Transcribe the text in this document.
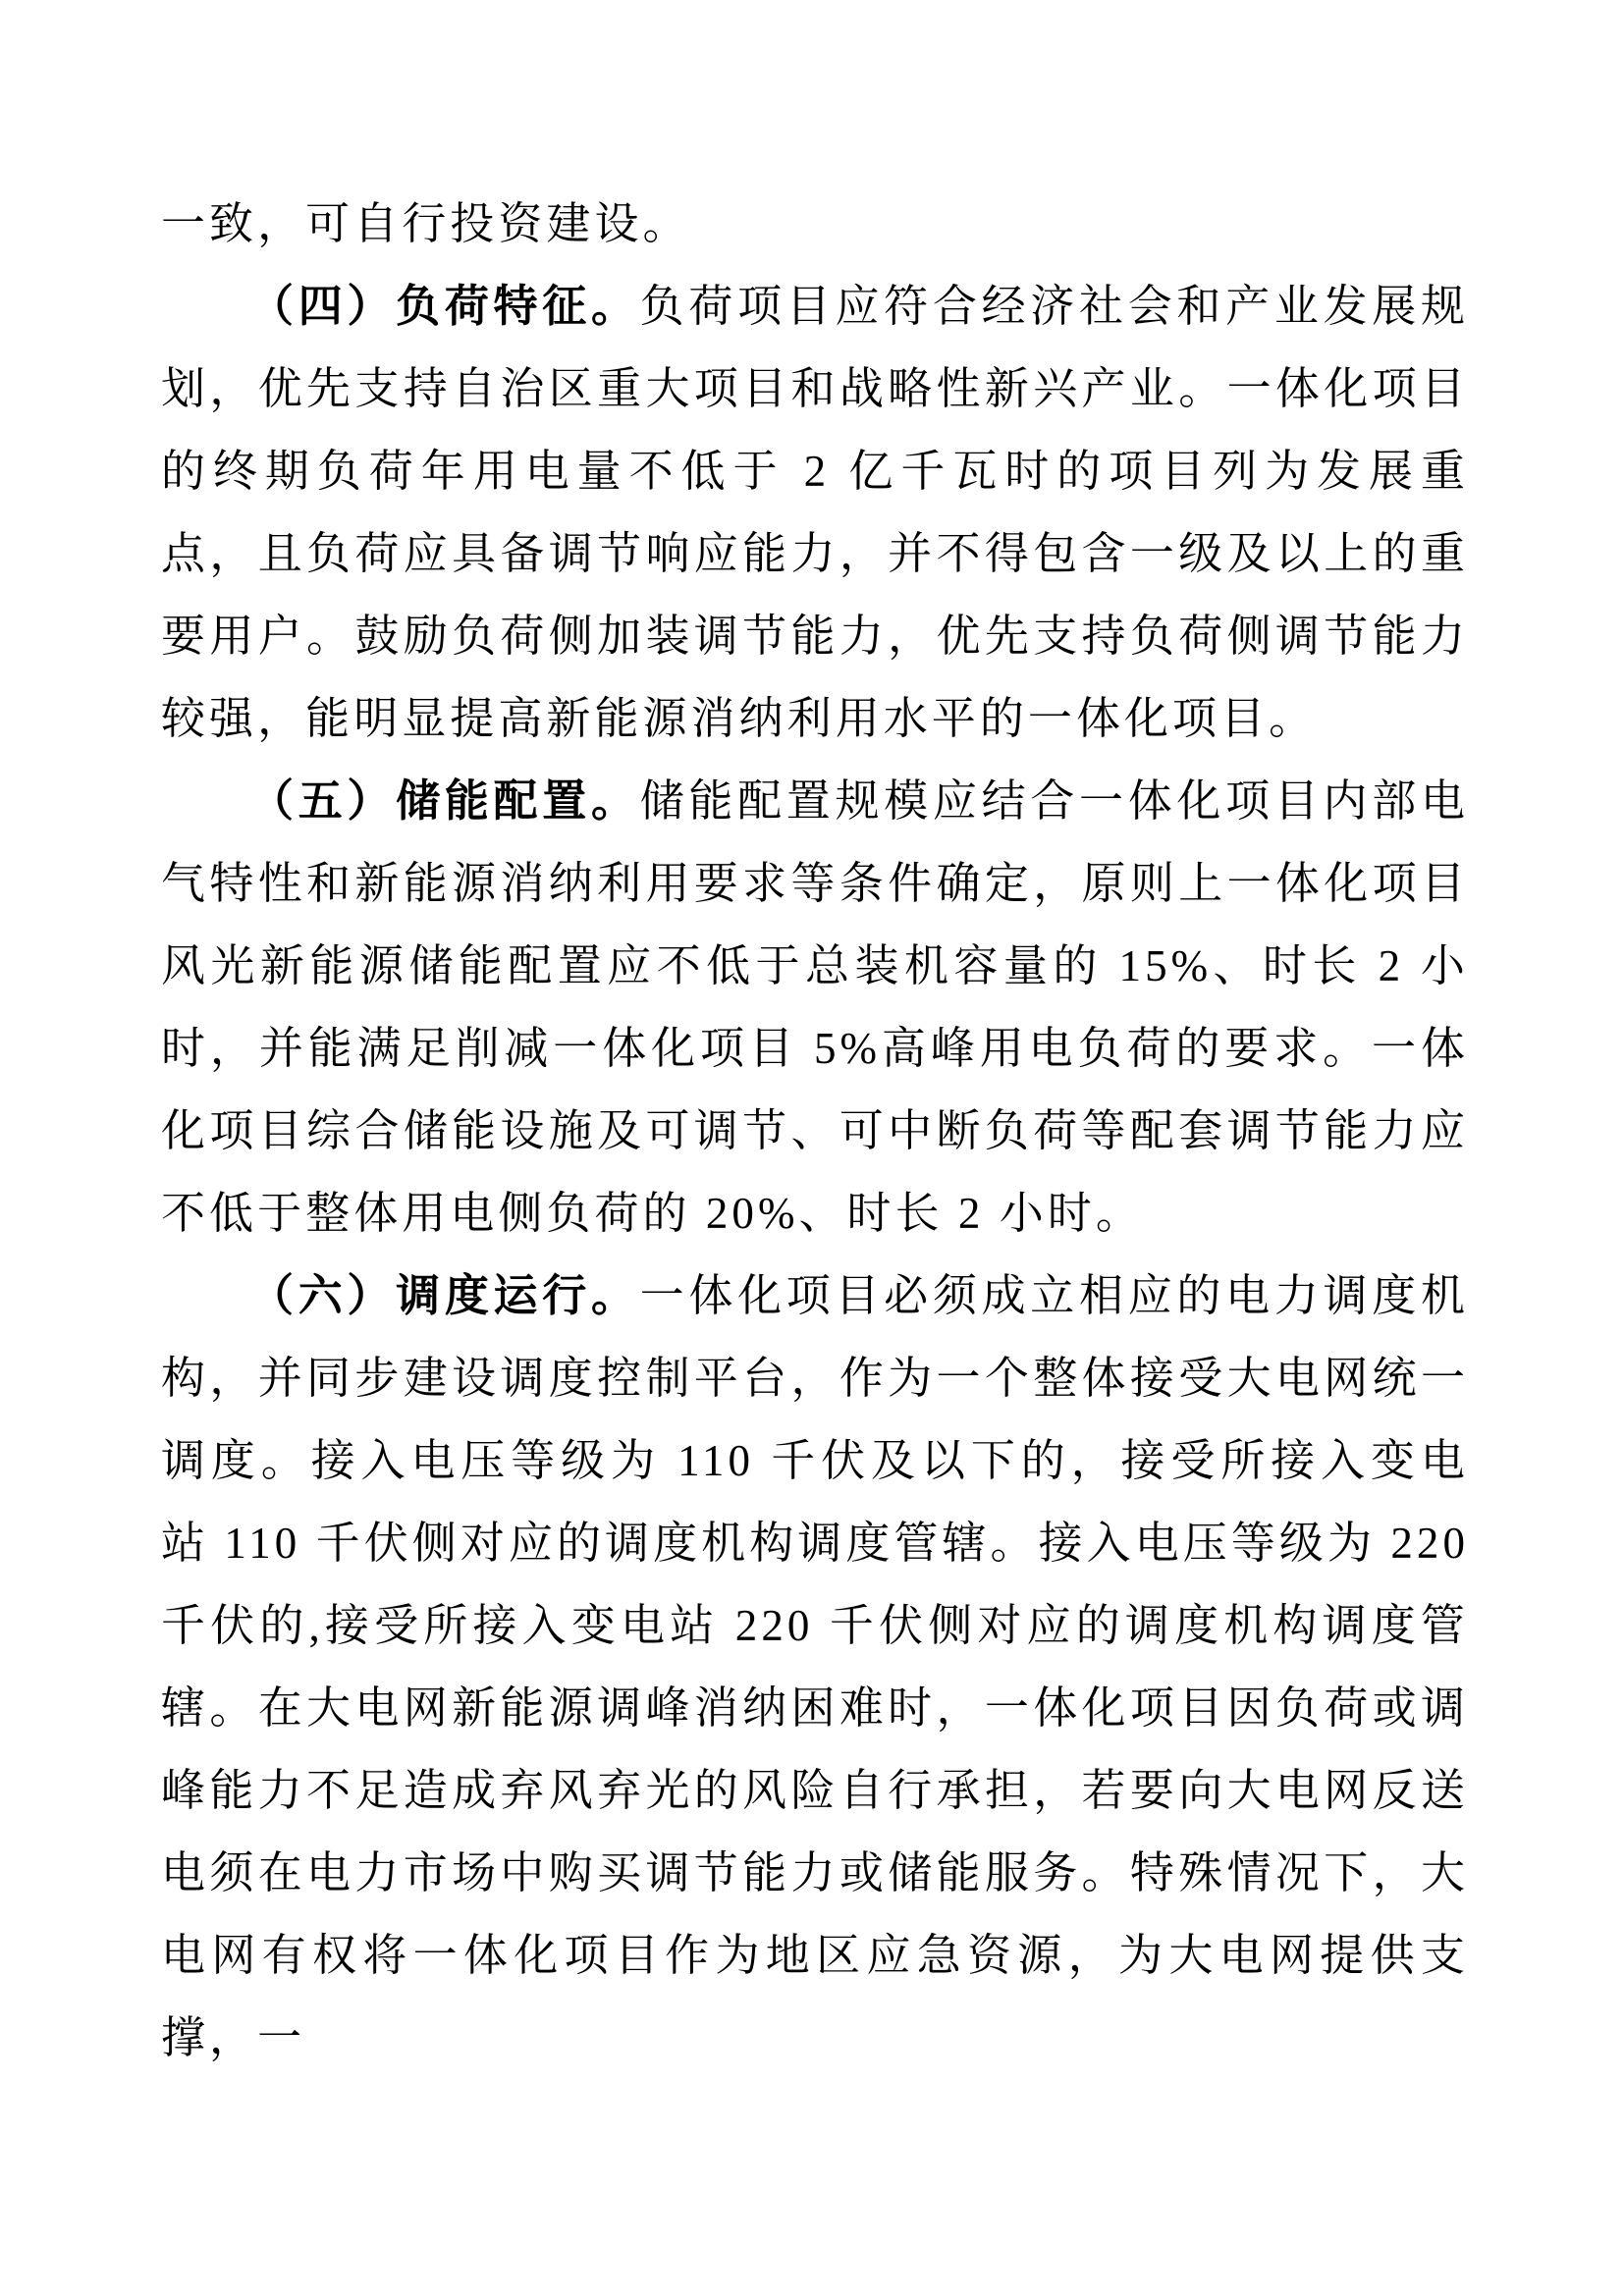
一致，可自行投资建设。

（四）负荷特征。负荷项目应符合经济社会和产业发展规划，优先支持自治区重大项目和战略性新兴产业。一体化项目的终期负荷年用电量不低于 2 亿千瓦时的项目列为发展重点，且负荷应具备调节响应能力，并不得包含一级及以上的重要用户。鼓励负荷侧加装调节能力，优先支持负荷侧调节能力较强，能明显提高新能源消纳利用水平的一体化项目。

（五）储能配置。储能配置规模应结合一体化项目内部电气特性和新能源消纳利用要求等条件确定，原则上一体化项目风光新能源储能配置应不低于总装机容量的 15%、时长 2 小时，并能满足削减一体化项目 5%高峰用电负荷的要求。一体化项目综合储能设施及可调节、可中断负荷等配套调节能力应不低于整体用电侧负荷的 20%、时长 2 小时。

（六）调度运行。一体化项目必须成立相应的电力调度机构，并同步建设调度控制平台，作为一个整体接受大电网统一调度。接入电压等级为 110 千伏及以下的，接受所接入变电站 110 千伏侧对应的调度机构调度管辖。接入电压等级为 220 千伏的,接受所接入变电站 220 千伏侧对应的调度机构调度管辖。在大电网新能源调峰消纳困难时，一体化项目因负荷或调峰能力不足造成弃风弃光的风险自行承担，若要向大电网反送电须在电力市场中购买调节能力或储能服务。特殊情况下，大电网有权将一体化项目作为地区应急资源，为大电网提供支撑，一
